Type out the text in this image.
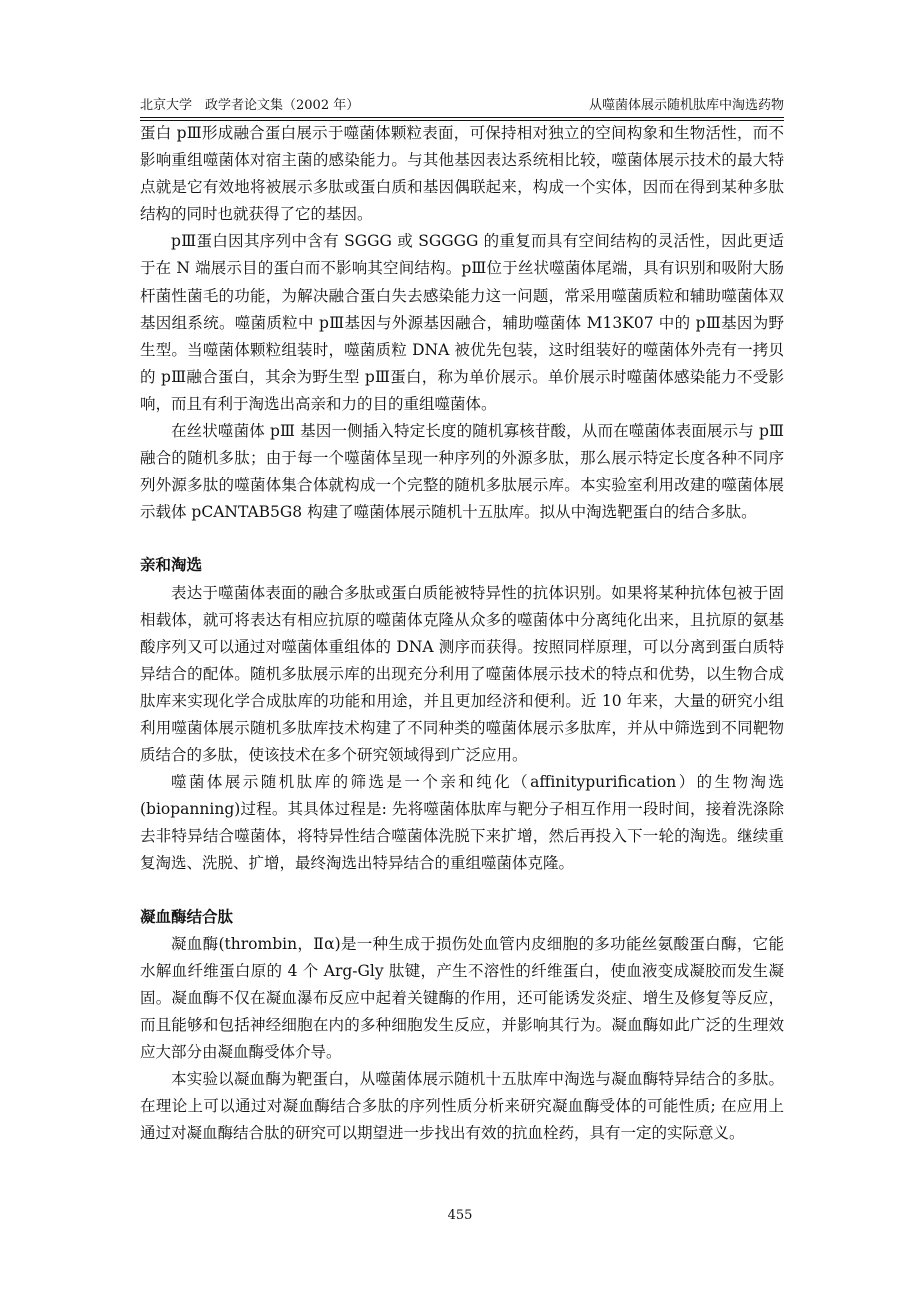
北京大学　政学者论文集（2002 年）	从噬菌体展示随机肽库中淘选药物

蛋白 pⅢ形成融合蛋白展示于噬菌体颗粒表面，可保持相对独立的空间构象和生物活性，而不影响重组噬菌体对宿主菌的感染能力。与其他基因表达系统相比较，噬菌体展示技术的最大特点就是它有效地将被展示多肽或蛋白质和基因偶联起来，构成一个实体，因而在得到某种多肽结构的同时也就获得了它的基因。

pⅢ蛋白因其序列中含有 SGGG 或 SGGGG 的重复而具有空间结构的灵活性，因此更适于在 N 端展示目的蛋白而不影响其空间结构。pⅢ位于丝状噬菌体尾端，具有识别和吸附大肠杆菌性菌毛的功能，为解决融合蛋白失去感染能力这一问题，常采用噬菌质粒和辅助噬菌体双基因组系统。噬菌质粒中 pⅢ基因与外源基因融合，辅助噬菌体 M13K07 中的 pⅢ基因为野生型。当噬菌体颗粒组装时，噬菌质粒 DNA 被优先包装，这时组装好的噬菌体外壳有一拷贝的 pⅢ融合蛋白，其余为野生型 pⅢ蛋白，称为单价展示。单价展示时噬菌体感染能力不受影响，而且有利于淘选出高亲和力的目的重组噬菌体。

在丝状噬菌体 pⅢ 基因一侧插入特定长度的随机寡核苷酸，从而在噬菌体表面展示与 pⅢ融合的随机多肽；由于每一个噬菌体呈现一种序列的外源多肽，那么展示特定长度各种不同序列外源多肽的噬菌体集合体就构成一个完整的随机多肽展示库。本实验室利用改建的噬菌体展示载体 pCANTAB5G8 构建了噬菌体展示随机十五肽库。拟从中淘选靶蛋白的结合多肽。

亲和淘选

表达于噬菌体表面的融合多肽或蛋白质能被特异性的抗体识别。如果将某种抗体包被于固相载体，就可将表达有相应抗原的噬菌体克隆从众多的噬菌体中分离纯化出来，且抗原的氨基酸序列又可以通过对噬菌体重组体的 DNA 测序而获得。按照同样原理，可以分离到蛋白质特异结合的配体。随机多肽展示库的出现充分利用了噬菌体展示技术的特点和优势，以生物合成肽库来实现化学合成肽库的功能和用途，并且更加经济和便利。近 10 年来，大量的研究小组利用噬菌体展示随机多肽库技术构建了不同种类的噬菌体展示多肽库，并从中筛选到不同靶物质结合的多肽，使该技术在多个研究领域得到广泛应用。

噬菌体展示随机肽库的筛选是一个亲和纯化（affinitypurification）的生物淘选(biopanning)过程。其具体过程是: 先将噬菌体肽库与靶分子相互作用一段时间，接着洗涤除去非特异结合噬菌体，将特异性结合噬菌体洗脱下来扩增，然后再投入下一轮的淘选。继续重复淘选、洗脱、扩增，最终淘选出特异结合的重组噬菌体克隆。

凝血酶结合肽

凝血酶(thrombin，Ⅱα)是一种生成于损伤处血管内皮细胞的多功能丝氨酸蛋白酶，它能水解血纤维蛋白原的 4 个 Arg-Gly 肽键，产生不溶性的纤维蛋白，使血液变成凝胶而发生凝固。凝血酶不仅在凝血瀑布反应中起着关键酶的作用，还可能诱发炎症、增生及修复等反应，而且能够和包括神经细胞在内的多种细胞发生反应，并影响其行为。凝血酶如此广泛的生理效应大部分由凝血酶受体介导。

本实验以凝血酶为靶蛋白，从噬菌体展示随机十五肽库中淘选与凝血酶特异结合的多肽。在理论上可以通过对凝血酶结合多肽的序列性质分析来研究凝血酶受体的可能性质; 在应用上通过对凝血酶结合肽的研究可以期望进一步找出有效的抗血栓药，具有一定的实际意义。

455
